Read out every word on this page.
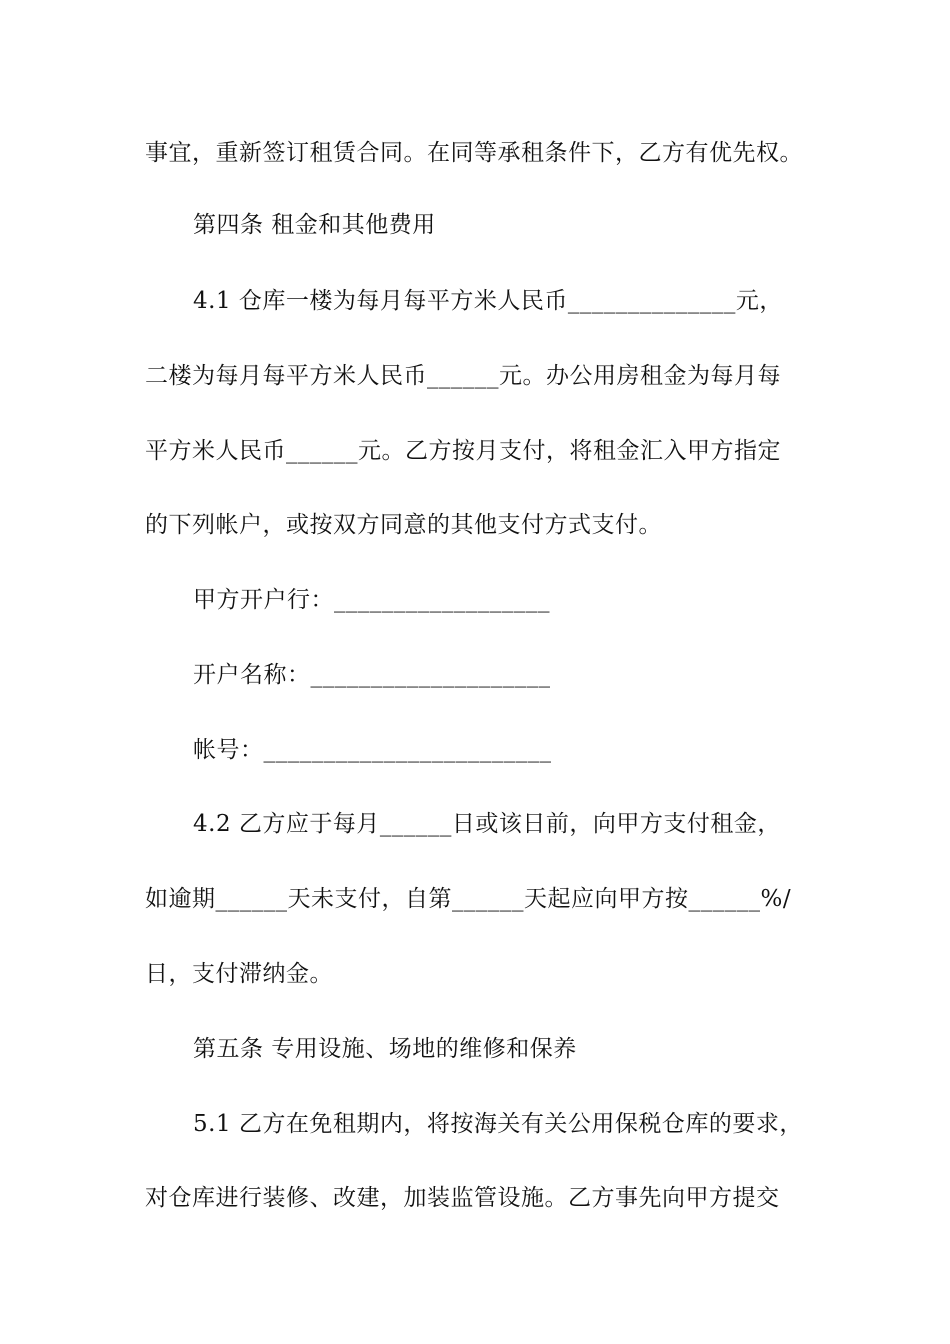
事宜，重新签订租赁合同。在同等承租条件下，乙方有优先权。
第四条 租金和其他费用
4.1 仓库一楼为每月每平方米人民币______________元，
二楼为每月每平方米人民币______元。办公用房租金为每月每
平方米人民币______元。乙方按月支付，将租金汇入甲方指定
的下列帐户，或按双方同意的其他支付方式支付。
甲方开户行：__________________
开户名称：____________________
帐号：________________________
4.2 乙方应于每月______日或该日前，向甲方支付租金，
如逾期______天未支付，自第______天起应向甲方按______%/
日，支付滞纳金。
第五条 专用设施、场地的维修和保养
5.1 乙方在免租期内，将按海关有关公用保税仓库的要求，
对仓库进行装修、改建，加装监管设施。乙方事先向甲方提交
